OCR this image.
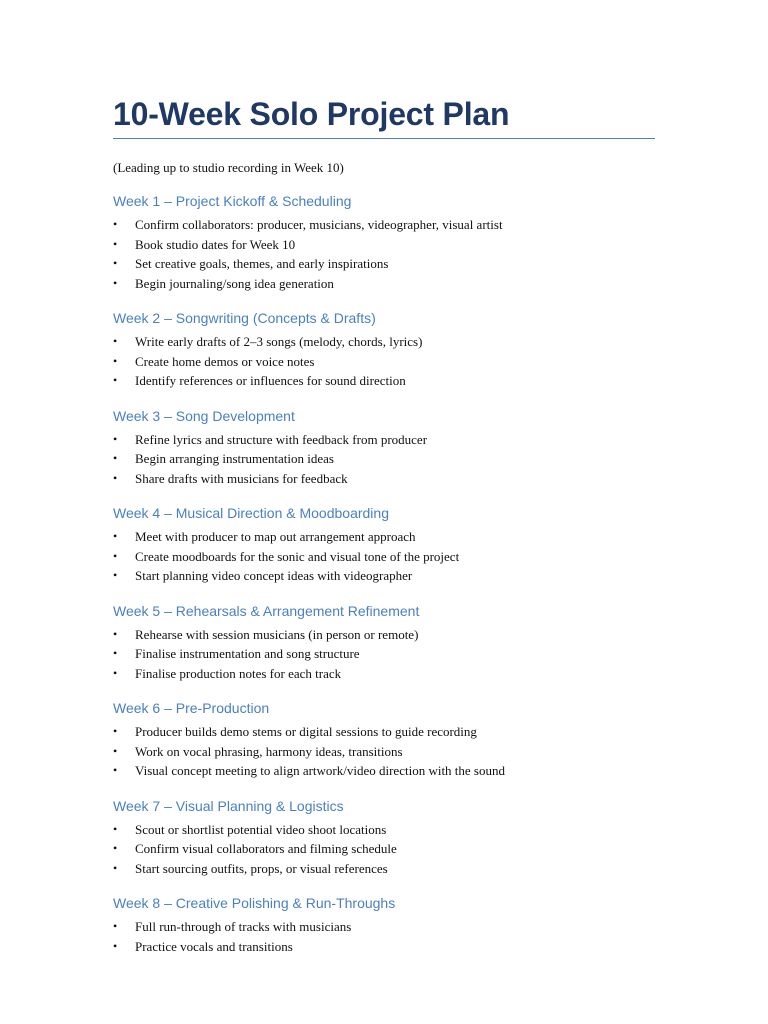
10-Week Solo Project Plan

(Leading up to studio recording in Week 10)

Week 1 – Project Kickoff & Scheduling
• Confirm collaborators: producer, musicians, videographer, visual artist
• Book studio dates for Week 10
• Set creative goals, themes, and early inspirations
• Begin journaling/song idea generation
Week 2 – Songwriting (Concepts & Drafts)
• Write early drafts of 2–3 songs (melody, chords, lyrics)
• Create home demos or voice notes
• Identify references or influences for sound direction
Week 3 – Song Development
• Refine lyrics and structure with feedback from producer
• Begin arranging instrumentation ideas
• Share drafts with musicians for feedback
Week 4 – Musical Direction & Moodboarding
• Meet with producer to map out arrangement approach
• Create moodboards for the sonic and visual tone of the project
• Start planning video concept ideas with videographer
Week 5 – Rehearsals & Arrangement Refinement
• Rehearse with session musicians (in person or remote)
• Finalise instrumentation and song structure
• Finalise production notes for each track
Week 6 – Pre-Production
• Producer builds demo stems or digital sessions to guide recording
• Work on vocal phrasing, harmony ideas, transitions
• Visual concept meeting to align artwork/video direction with the sound
Week 7 – Visual Planning & Logistics
• Scout or shortlist potential video shoot locations
• Confirm visual collaborators and filming schedule
• Start sourcing outfits, props, or visual references
Week 8 – Creative Polishing & Run-Throughs
• Full run-through of tracks with musicians
• Practice vocals and transitions
